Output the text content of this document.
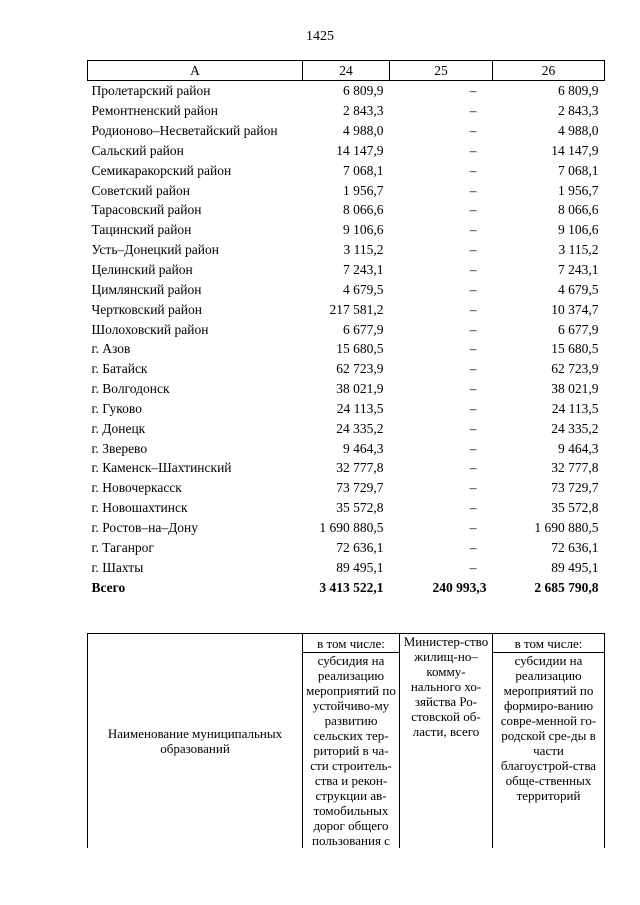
1425
А	24	25	26
Пролетарский район	6 809,9	–	6 809,9
Ремонтненский район	2 843,3	–	2 843,3
Родионово–Несветайский район	4 988,0	–	4 988,0
Сальский район	14 147,9	–	14 147,9
Семикаракорский район	7 068,1	–	7 068,1
Советский район	1 956,7	–	1 956,7
Тарасовский район	8 066,6	–	8 066,6
Тацинский район	9 106,6	–	9 106,6
Усть–Донецкий район	3 115,2	–	3 115,2
Целинский район	7 243,1	–	7 243,1
Цимлянский район	4 679,5	–	4 679,5
Чертковский район	217 581,2	–	10 374,7
Шолоховский район	6 677,9	–	6 677,9
г. Азов	15 680,5	–	15 680,5
г. Батайск	62 723,9	–	62 723,9
г. Волгодонск	38 021,9	–	38 021,9
г. Гуково	24 113,5	–	24 113,5
г. Донецк	24 335,2	–	24 335,2
г. Зверево	9 464,3	–	9 464,3
г. Каменск–Шахтинский	32 777,8	–	32 777,8
г. Новочеркасск	73 729,7	–	73 729,7
г. Новошахтинск	35 572,8	–	35 572,8
г. Ростов–на–Дону	1 690 880,5	–	1 690 880,5
г. Таганрог	72 636,1	–	72 636,1
г. Шахты	89 495,1	–	89 495,1
Всего	3 413 522,1	240 993,3	2 685 790,8
Наименование муниципальных образований	в том числе:	Министер-ство жилищ-но–комму-нального хо-зяйства Ро-стовской об-ласти, всего	в том числе:
	субсидия на реализацию мероприятий по устойчиво-му развитию сельских тер-риторий в ча-сти строитель-ства и рекон-струкции ав-томобильных дорог общего пользования с		субсидии на реализацию мероприятий по формиро-ванию совре-менной го-родской сре-ды в части благоустрой-ства обще-ственных территорий
